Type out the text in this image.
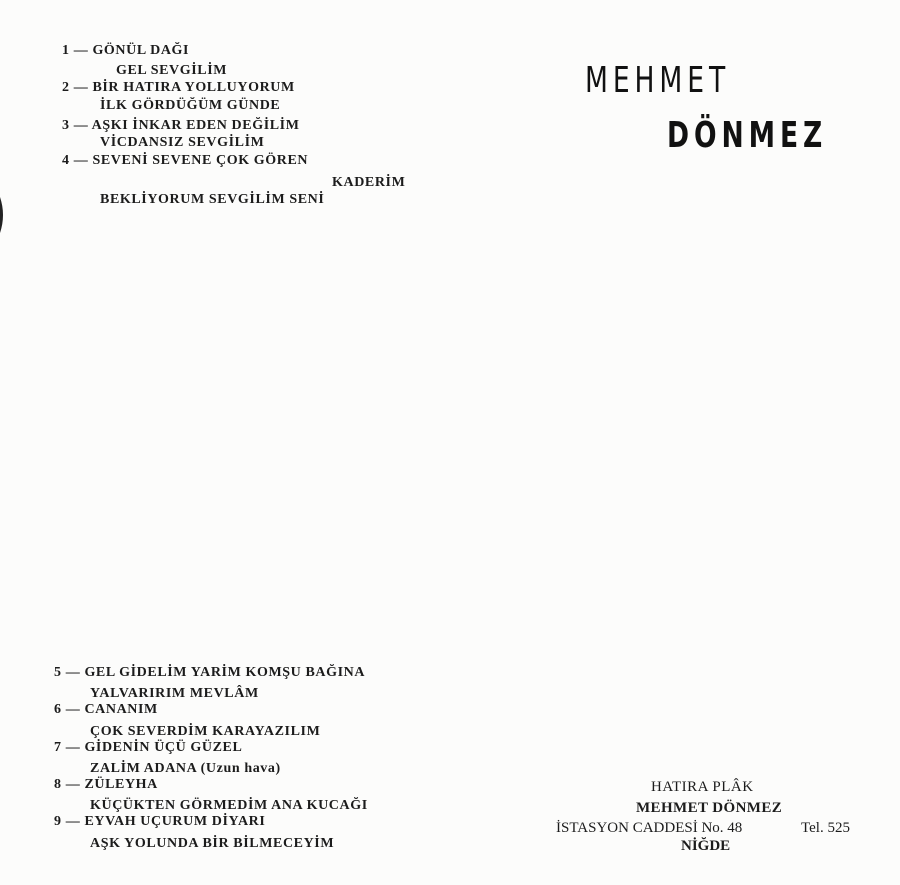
1 — GÖNÜL DAĞI
GEL SEVGİLİM
2 — BİR HATIRA YOLLUYORUM
İLK GÖRDÜĞÜM GÜNDE
3 — AŞKI İNKAR EDEN DEĞİLİM
VİCDANSIZ SEVGİLİM
4 — SEVENİ SEVENE ÇOK GÖREN
KADERİM
BEKLİYORUM SEVGİLİM SENİ
MEHMET
DÖNMEZ
5 — GEL GİDELİM YARİM KOMŞU BAĞINA
YALVARIRIM MEVLÂM
6 — CANANIM
ÇOK SEVERDİM KARAYAZILIM
7 — GİDENİN ÜÇÜ GÜZEL
ZALİM ADANA (Uzun hava)
8 — ZÜLEYHA
KÜÇÜKTEN GÖRMEDİM ANA KUCAĞI
9 — EYVAH UÇURUM DİYARI
AŞK YOLUNDA BİR BİLMECEYİM
HATIRA PLÂK
MEHMET DÖNMEZ
İSTASYON CADDESİ No. 48	Tel. 525
NİĞDE
